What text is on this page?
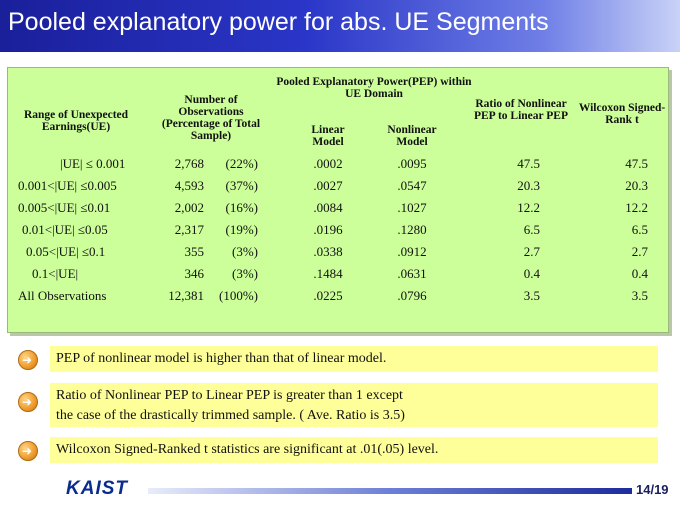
Pooled explanatory power for abs. UE Segments
Range of Unexpected Earnings(UE)
Number of Observations (Percentage of Total Sample)
Pooled Explanatory Power(PEP) within UE Domain
Linear Model
Nonlinear Model
Ratio of Nonlinear PEP to Linear PEP
Wilcoxon Signed-Rank t
|UE| ≤ 0.001	2,768	(22%)	.0002	.0095	47.5	47.5
0.001<|UE| ≤0.005	4,593	(37%)	.0027	.0547	20.3	20.3
0.005<|UE| ≤0.01	2,002	(16%)	.0084	.1027	12.2	12.2
0.01<|UE| ≤0.05	2,317	(19%)	.0196	.1280	6.5	6.5
0.05<|UE| ≤0.1	355	(3%)	.0338	.0912	2.7	2.7
0.1<|UE|	346	(3%)	.1484	.0631	0.4	0.4
All Observations	12,381	(100%)	.0225	.0796	3.5	3.5
➜ PEP of nonlinear model is higher than that of linear model.
➜ Ratio of Nonlinear PEP to Linear PEP is greater than 1 except
the case of the drastically trimmed sample. ( Ave. Ratio is 3.5)
➜ Wilcoxon Signed-Ranked t statistics are significant at .01(.05) level.
KAIST	14/19
